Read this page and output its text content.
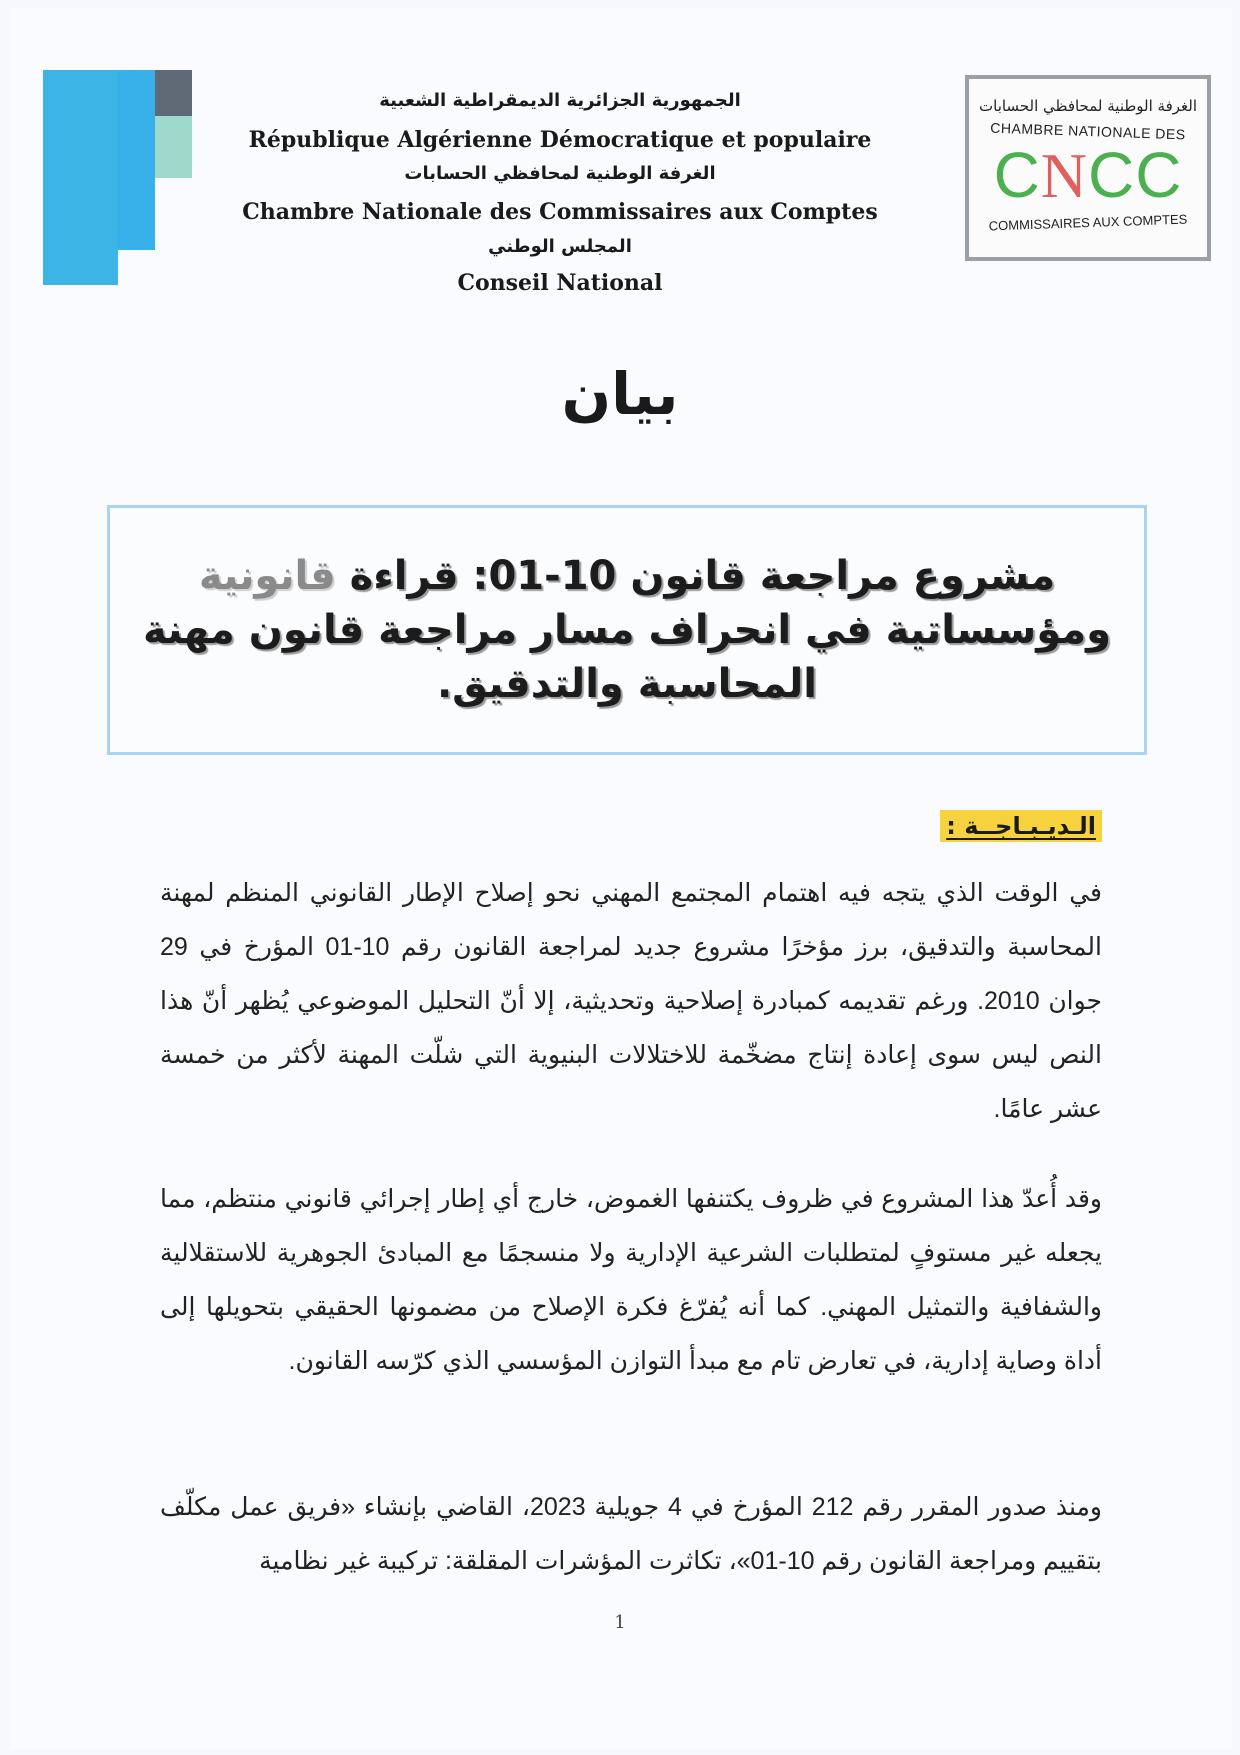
الجمهورية الجزائرية الديمقراطية الشعبية
République Algérienne Démocratique et populaire
الغرفة الوطنية لمحافظي الحسابات
Chambre Nationale des Commissaires aux Comptes
المجلس الوطني
Conseil National
الغرفة الوطنية لمحافظي الحسابات
CHAMBRE NATIONALE DES
CNCC
COMMISSAIRES AUX COMPTES
بيان
مشروع مراجعة قانون 10-01: قراءة قانونية ومؤسساتية في انحراف مسار مراجعة قانون مهنة المحاسبة والتدقيق.
الـديـبـاجــة :
في الوقت الذي يتجه فيه اهتمام المجتمع المهني نحو إصلاح الإطار القانوني المنظم لمهنة المحاسبة والتدقيق، برز مؤخرًا مشروع جديد لمراجعة القانون رقم 10-01 المؤرخ في 29 جوان 2010. ورغم تقديمه كمبادرة إصلاحية وتحديثية، إلا أنّ التحليل الموضوعي يُظهر أنّ هذا النص ليس سوى إعادة إنتاج مضخّمة للاختلالات البنيوية التي شلّت المهنة لأكثر من خمسة عشر عامًا.
وقد أُعدّ هذا المشروع في ظروف يكتنفها الغموض، خارج أي إطار إجرائي قانوني منتظم، مما يجعله غير مستوفٍ لمتطلبات الشرعية الإدارية ولا منسجمًا مع المبادئ الجوهرية للاستقلالية والشفافية والتمثيل المهني. كما أنه يُفرّغ فكرة الإصلاح من مضمونها الحقيقي بتحويلها إلى أداة وصاية إدارية، في تعارض تام مع مبدأ التوازن المؤسسي الذي كرّسه القانون.
ومنذ صدور المقرر رقم 212 المؤرخ في 4 جويلية 2023، القاضي بإنشاء «فريق عمل مكلّف بتقييم ومراجعة القانون رقم 10-01»، تكاثرت المؤشرات المقلقة: تركيبة غير نظامية
1
